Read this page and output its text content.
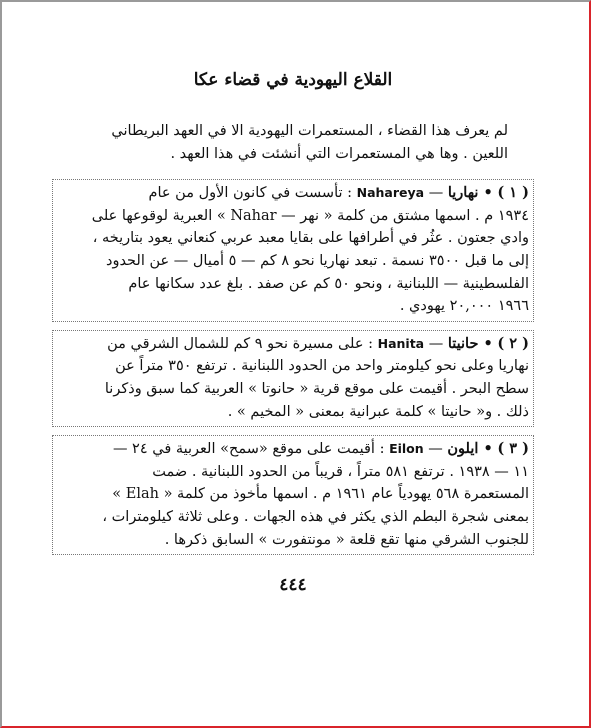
القلاع اليهودية في قضاء عكا
لم يعرف هذا القضاء ، المستعمرات اليهودية الا في العهد البريطاني
اللعين . وها هي المستعمرات التي أنشئت في هذا العهد .
( ١ ) • نهاريا — Nahareya : تأسست في كانون الأول من عام
١٩٣٤ م . اسمها مشتق من كلمة « نهر — Nahar » العبرية لوقوعها على
وادي جعتون . عثُر في أطرافها على بقايا معبد عربي كنعاني يعود بتاريخه ،
إلى ما قبل ٣٥٠٠ نسمة . تبعد نهاريا نحو ٨ كم — ٥ أميال — عن الحدود
الفلسطينية — اللبنانية ، ونحو ٥٠ كم عن صفد . بلغ عدد سكانها عام
١٩٦٦ ٢٠,٠٠٠ يهودي .
( ٢ ) • حانيتا — Hanita : على مسيرة نحو ٩ كم للشمال الشرقي من
نهاريا وعلى نحو كيلومتر واحد من الحدود اللبنانية . ترتفع ٣٥٠ متراً عن
سطح البحر . أقيمت على موقع قرية « حانوتا » العربية كما سبق وذكرنا
ذلك . و« حانيتا » كلمة عبرانية بمعنى « المخيم » .
( ٣ ) • ايلون — Eilon : أقيمت على موقع «سمح» العربية في ٢٤ —
١١ — ١٩٣٨ . ترتفع ٥٨١ متراً ، قريباً من الحدود اللبنانية . ضمت
المستعمرة ٥٦٨ يهودياً عام ١٩٦١ م . اسمها مأخوذ من كلمة « Elah »
بمعنى شجرة البطم الذي يكثر في هذه الجهات . وعلى ثلاثة كيلومترات ،
للجنوب الشرقي منها تقع قلعة « مونتفورت » السابق ذكرها .
٤٤٤
